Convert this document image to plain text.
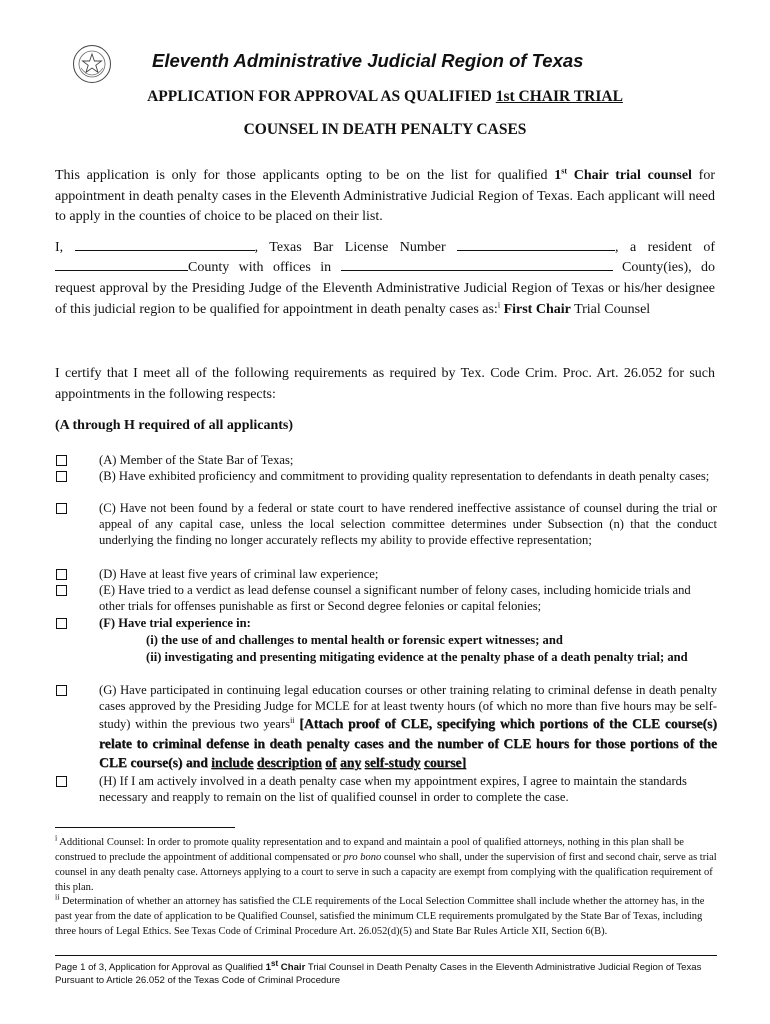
Eleventh Administrative Judicial Region of Texas
APPLICATION FOR APPROVAL AS QUALIFIED 1st CHAIR TRIAL
COUNSEL IN DEATH PENALTY CASES
This application is only for those applicants opting to be on the list for qualified 1st Chair trial counsel for appointment in death penalty cases in the Eleventh Administrative Judicial Region of Texas. Each applicant will need to apply in the counties of choice to be placed on their list.
I,	, Texas Bar License Number	, a resident of
County with offices in	County(ies), do
request approval by the Presiding Judge of the Eleventh Administrative Judicial Region of Texas or his/her designee of this judicial region to be qualified for appointment in death penalty cases as:$^i$ First Chair Trial Counsel
I certify that I meet all of the following requirements as required by Tex. Code Crim. Proc. Art. 26.052 for such appointments in the following respects:
(A through H required of all applicants)
(A) Member of the State Bar of Texas;
(B) Have exhibited proficiency and commitment to providing quality representation to defendants in death penalty cases;
(C) Have not been found by a federal or state court to have rendered ineffective assistance of counsel during the trial or appeal of any capital case, unless the local selection committee determines under Subsection (n) that the conduct underlying the finding no longer accurately reflects my ability to provide effective representation;
(D) Have at least five years of criminal law experience;
(E) Have tried to a verdict as lead defense counsel a significant number of felony cases, including homicide trials and other trials for offenses punishable as first or Second degree felonies or capital felonies;
(F) Have trial experience in:
(i) the use of and challenges to mental health or forensic expert witnesses; and
(ii) investigating and presenting mitigating evidence at the penalty phase of a death penalty trial; and
(G) Have participated in continuing legal education courses or other training relating to criminal defense in death penalty cases approved by the Presiding Judge for MCLE for at least twenty hours (of which no more than five hours may be self-study) within the previous two years$^{ii}$ [Attach proof of CLE, specifying which portions of the CLE course(s) relate to criminal defense in death penalty cases and the number of CLE hours for those portions of the CLE course(s) and include description of any self-study course]
(H) If I am actively involved in a death penalty case when my appointment expires, I agree to maintain the standards necessary and reapply to remain on the list of qualified counsel in order to complete the case.
$^i$ Additional Counsel: In order to promote quality representation and to expand and maintain a pool of qualified attorneys, nothing in this plan shall be construed to preclude the appointment of additional compensated or pro bono counsel who shall, under the supervision of first and second chair, serve as trial counsel in any death penalty case. Attorneys applying to a court to serve in such a capacity are exempt from complying with the qualification requirement of this plan.
$^{ii}$ Determination of whether an attorney has satisfied the CLE requirements of the Local Selection Committee shall include whether the attorney has, in the past year from the date of application to be Qualified Counsel, satisfied the minimum CLE requirements promulgated by the State Bar of Texas, including three hours of Legal Ethics. See Texas Code of Criminal Procedure Art. 26.052(d)(5) and State Bar Rules Article XII, Section 6(B).
Page 1 of 3, Application for Approval as Qualified 1st Chair Trial Counsel in Death Penalty Cases in the Eleventh Administrative Judicial Region of Texas Pursuant to Article 26.052 of the Texas Code of Criminal Procedure
